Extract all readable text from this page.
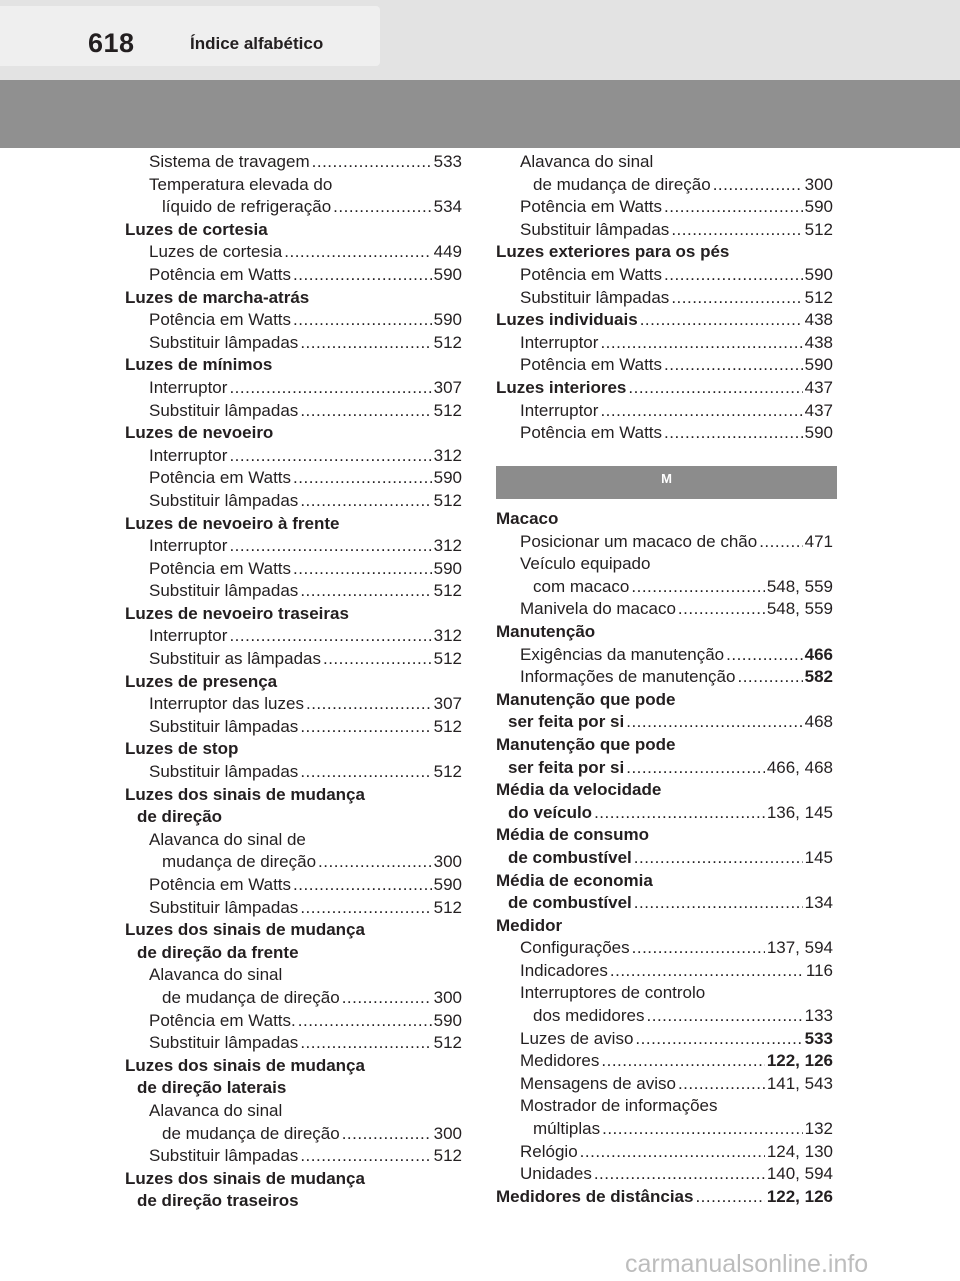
618	Índice alfabético
Sistema de travagem .....	533
Temperatura elevada do
líquido de refrigeração .....	534
Luzes de cortesia
Luzes de cortesia .....	449
Potência em Watts .....	590
Luzes de marcha-atrás
Potência em Watts .....	590
Substituir lâmpadas .....	512
Luzes de mínimos
Interruptor .....	307
Substituir lâmpadas .....	512
Luzes de nevoeiro
Interruptor .....	312
Potência em Watts .....	590
Substituir lâmpadas .....	512
Luzes de nevoeiro à frente
Interruptor .....	312
Potência em Watts .....	590
Substituir lâmpadas .....	512
Luzes de nevoeiro traseiras
Interruptor .....	312
Substituir as lâmpadas .....	512
Luzes de presença
Interruptor das luzes .....	307
Substituir lâmpadas .....	512
Luzes de stop
Substituir lâmpadas .....	512
Luzes dos sinais de mudança
de direção
Alavanca do sinal de
mudança de direção .....	300
Potência em Watts .....	590
Substituir lâmpadas .....	512
Luzes dos sinais de mudança
de direção da frente
Alavanca do sinal
de mudança de direção .....	300
Potência em Watts. .....	590
Substituir lâmpadas .....	512
Luzes dos sinais de mudança
de direção laterais
Alavanca do sinal
de mudança de direção .....	300
Substituir lâmpadas .....	512
Luzes dos sinais de mudança
de direção traseiros
Alavanca do sinal
de mudança de direção .....	300
Potência em Watts .....	590
Substituir lâmpadas .....	512
Luzes exteriores para os pés
Potência em Watts .....	590
Substituir lâmpadas .....	512
Luzes individuais .....	438
Interruptor .....	438
Potência em Watts .....	590
Luzes interiores .....	437
Interruptor .....	437
Potência em Watts .....	590
M
Macaco
Posicionar um macaco de chão .....	471
Veículo equipado
com macaco .....	548, 559
Manivela do macaco .....	548, 559
Manutenção
Exigências da manutenção .....	466
Informações de manutenção .....	582
Manutenção que pode
ser feita por si .....	468
Manutenção que pode
ser feita por si .....	466, 468
Média da velocidade
do veículo .....	136, 145
Média de consumo
de combustível .....	145
Média de economia
de combustível .....	134
Medidor
Configurações .....	137, 594
Indicadores .....	116
Interruptores de controlo
dos medidores .....	133
Luzes de aviso .....	533
Medidores .....	122, 126
Mensagens de aviso .....	141, 543
Mostrador de informações
múltiplas .....	132
Relógio .....	124, 130
Unidades .....	140, 594
Medidores de distâncias .....	122, 126
carmanualsonline.info
